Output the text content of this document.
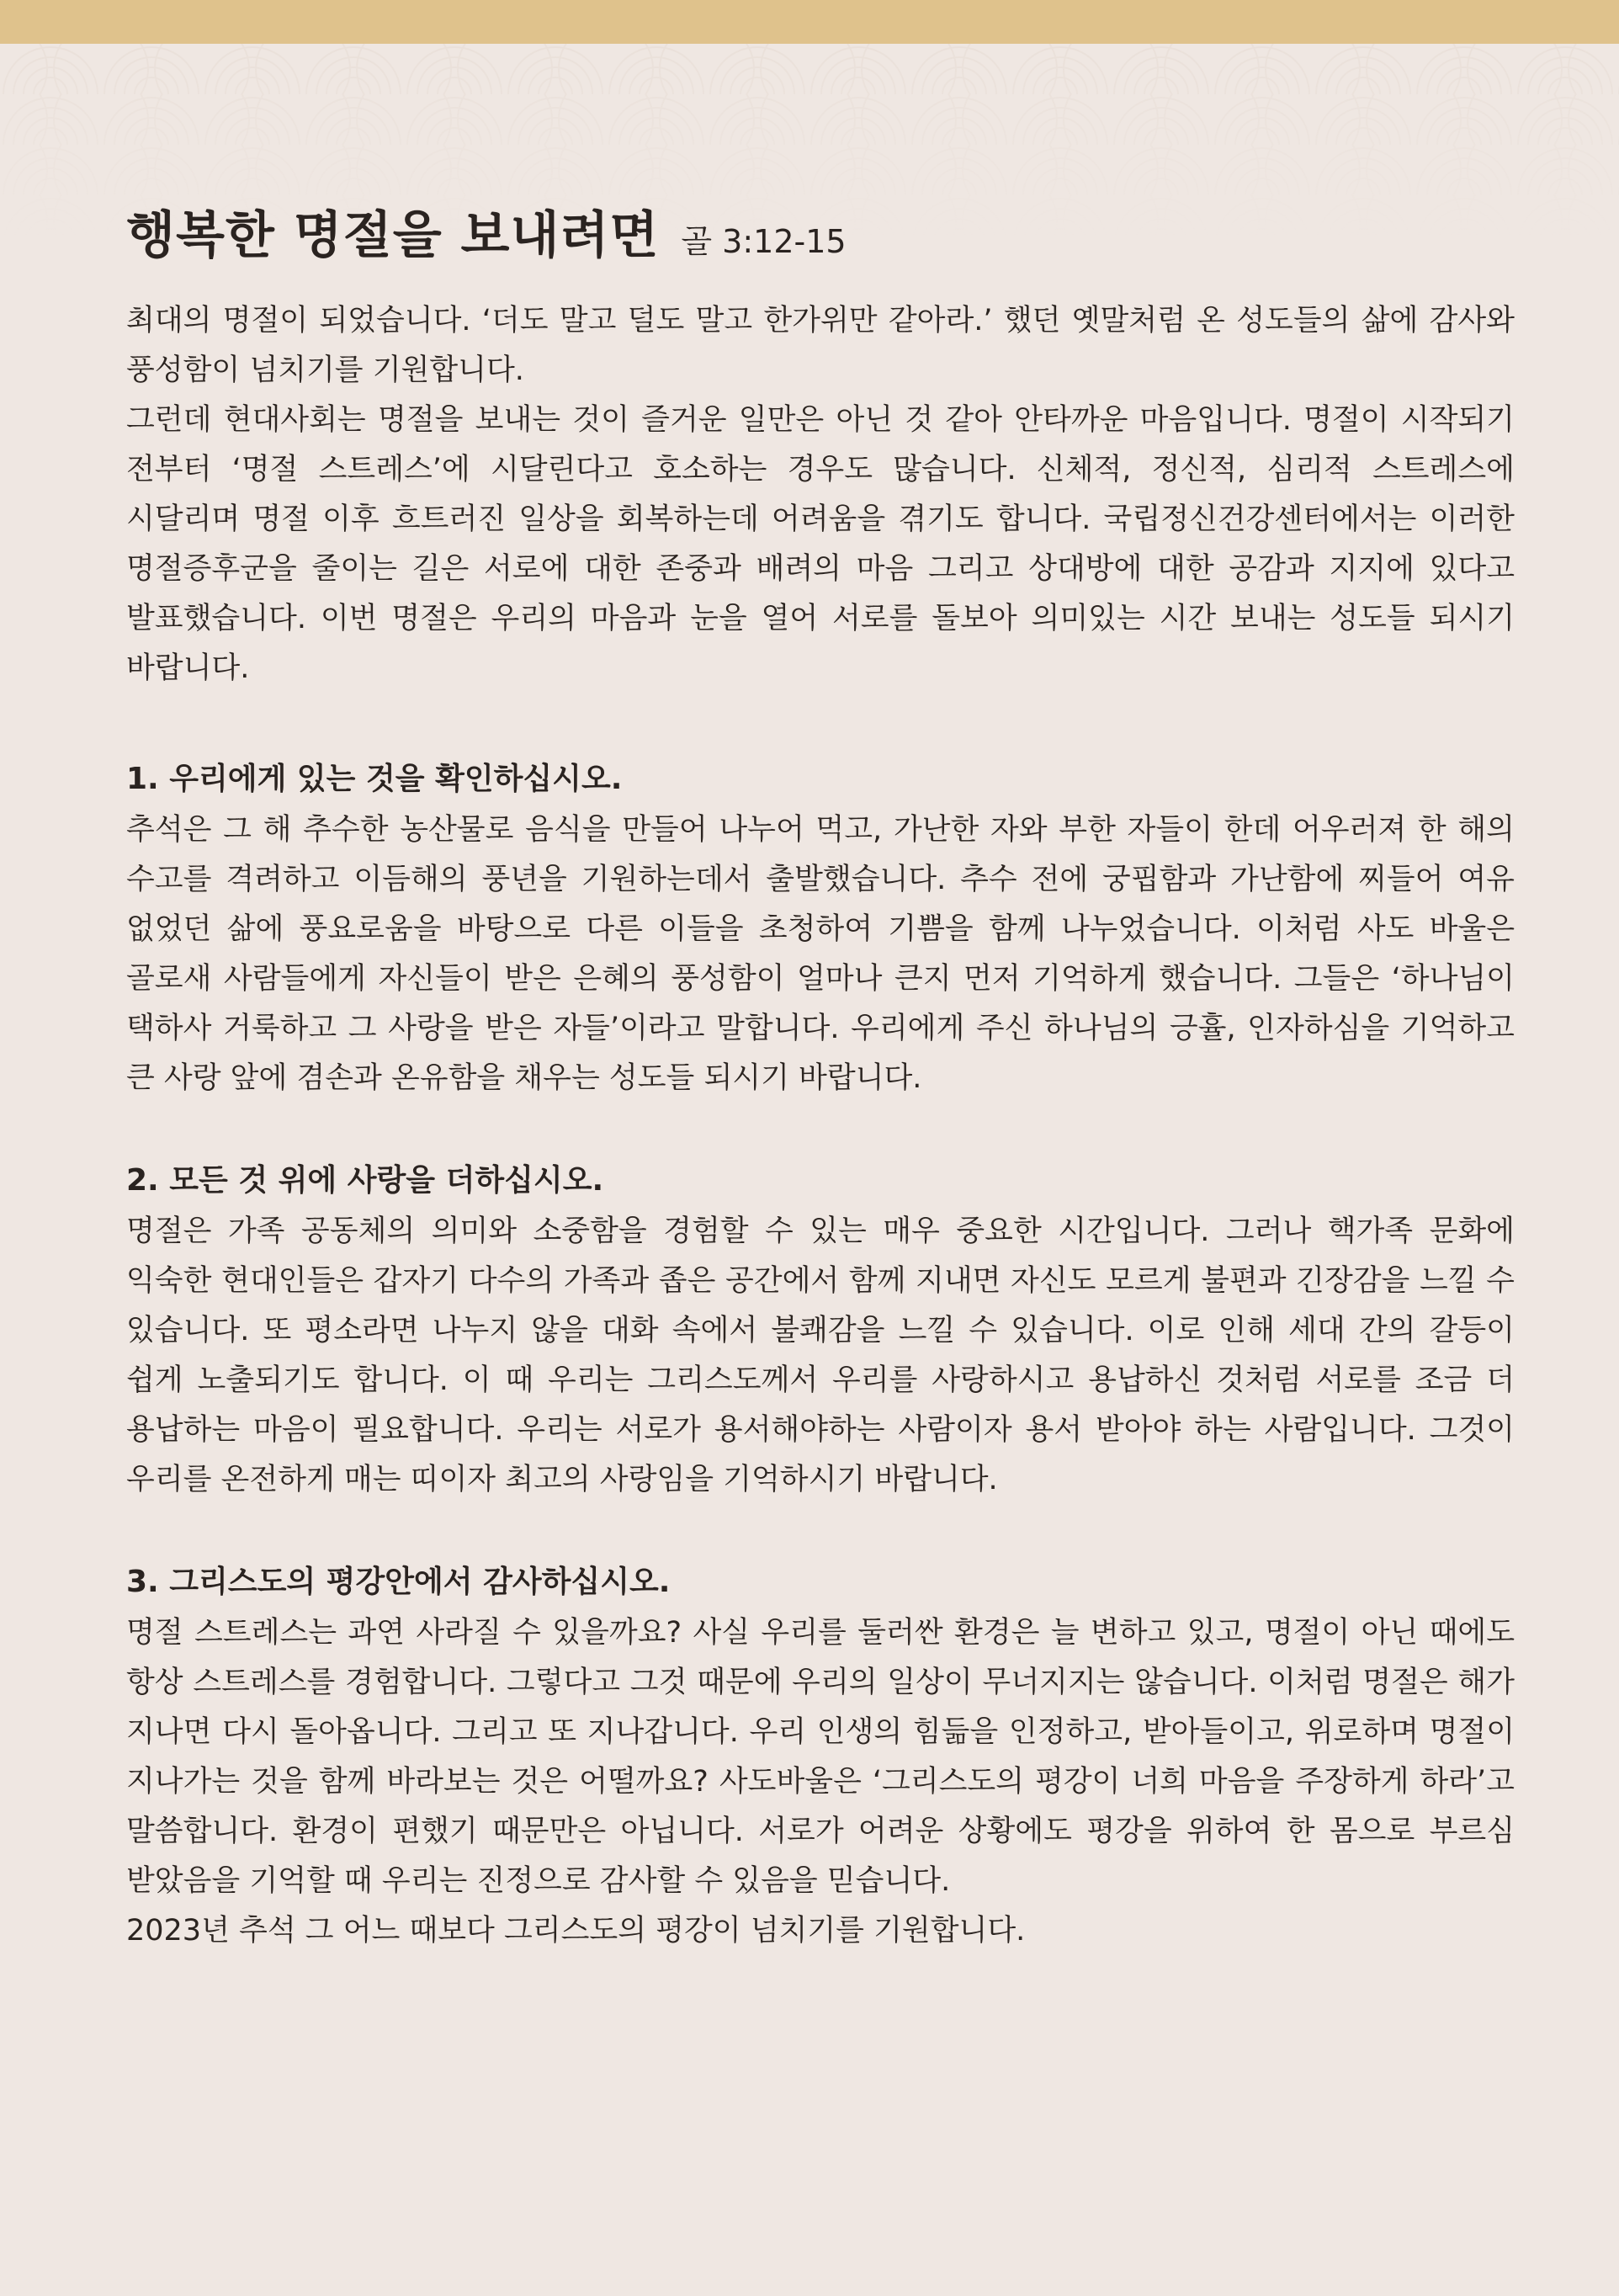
행복한 명절을 보내려면 골 3:12-15

최대의 명절이 되었습니다. ‘더도 말고 덜도 말고 한가위만 같아라.’ 했던 옛말처럼 온 성도들의 삶에 감사와 풍성함이 넘치기를 기원합니다.

그런데 현대사회는 명절을 보내는 것이 즐거운 일만은 아닌 것 같아 안타까운 마음입니다. 명절이 시작되기 전부터 ‘명절 스트레스’에 시달린다고 호소하는 경우도 많습니다. 신체적, 정신적, 심리적 스트레스에 시달리며 명절 이후 흐트러진 일상을 회복하는데 어려움을 겪기도 합니다. 국립정신건강센터에서는 이러한 명절증후군을 줄이는 길은 서로에 대한 존중과 배려의 마음 그리고 상대방에 대한 공감과 지지에 있다고 발표했습니다. 이번 명절은 우리의 마음과 눈을 열어 서로를 돌보아 의미있는 시간 보내는 성도들 되시기 바랍니다.

1. 우리에게 있는 것을 확인하십시오.

추석은 그 해 추수한 농산물로 음식을 만들어 나누어 먹고, 가난한 자와 부한 자들이 한데 어우러져 한 해의 수고를 격려하고 이듬해의 풍년을 기원하는데서 출발했습니다. 추수 전에 궁핍함과 가난함에 찌들어 여유 없었던 삶에 풍요로움을 바탕으로 다른 이들을 초청하여 기쁨을 함께 나누었습니다. 이처럼 사도 바울은 골로새 사람들에게 자신들이 받은 은혜의 풍성함이 얼마나 큰지 먼저 기억하게 했습니다. 그들은 ‘하나님이 택하사 거룩하고 그 사랑을 받은 자들’이라고 말합니다. 우리에게 주신 하나님의 긍휼, 인자하심을 기억하고 큰 사랑 앞에 겸손과 온유함을 채우는 성도들 되시기 바랍니다.

2. 모든 것 위에 사랑을 더하십시오.

명절은 가족 공동체의 의미와 소중함을 경험할 수 있는 매우 중요한 시간입니다. 그러나 핵가족 문화에 익숙한 현대인들은 갑자기 다수의 가족과 좁은 공간에서 함께 지내면 자신도 모르게 불편과 긴장감을 느낄 수 있습니다. 또 평소라면 나누지 않을 대화 속에서 불쾌감을 느낄 수 있습니다. 이로 인해 세대 간의 갈등이 쉽게 노출되기도 합니다. 이 때 우리는 그리스도께서 우리를 사랑하시고 용납하신 것처럼 서로를 조금 더 용납하는 마음이 필요합니다. 우리는 서로가 용서해야하는 사람이자 용서 받아야 하는 사람입니다. 그것이 우리를 온전하게 매는 띠이자 최고의 사랑임을 기억하시기 바랍니다.

3. 그리스도의 평강안에서 감사하십시오.

명절 스트레스는 과연 사라질 수 있을까요? 사실 우리를 둘러싼 환경은 늘 변하고 있고, 명절이 아닌 때에도 항상 스트레스를 경험합니다. 그렇다고 그것 때문에 우리의 일상이 무너지지는 않습니다. 이처럼 명절은 해가 지나면 다시 돌아옵니다. 그리고 또 지나갑니다. 우리 인생의 힘듦을 인정하고, 받아들이고, 위로하며 명절이 지나가는 것을 함께 바라보는 것은 어떨까요? 사도바울은 ‘그리스도의 평강이 너희 마음을 주장하게 하라’고 말씀합니다. 환경이 편했기 때문만은 아닙니다. 서로가 어려운 상황에도 평강을 위하여 한 몸으로 부르심 받았음을 기억할 때 우리는 진정으로 감사할 수 있음을 믿습니다.

2023년 추석 그 어느 때보다 그리스도의 평강이 넘치기를 기원합니다.
